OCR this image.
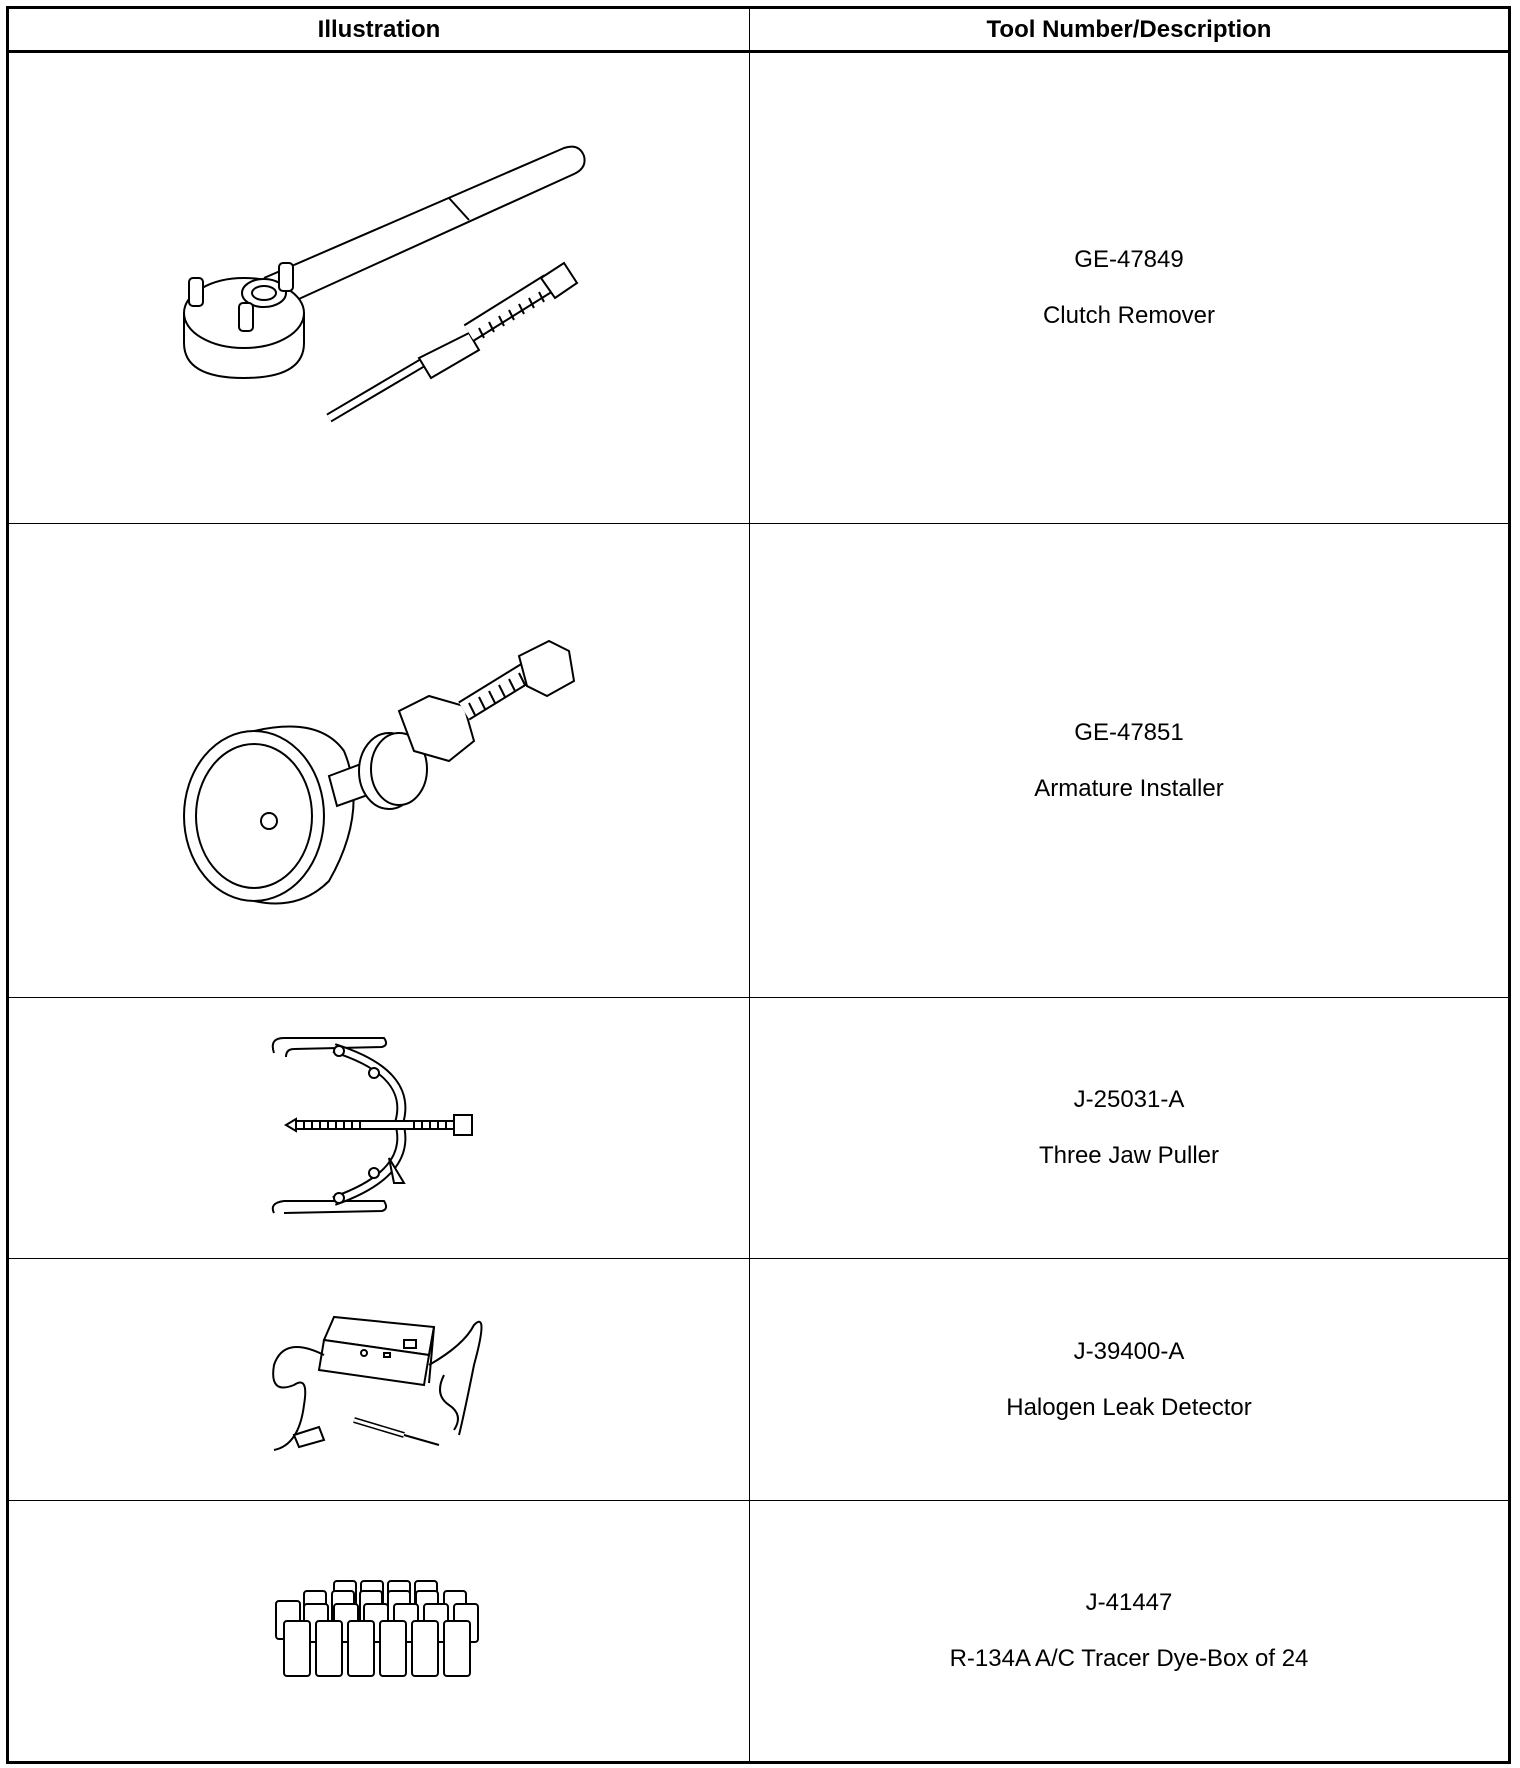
Illustration	Tool Number/Description

GE-47849
Clutch Remover

GE-47851
Armature Installer

J-25031-A
Three Jaw Puller

J-39400-A
Halogen Leak Detector

J-41447
R-134A A/C Tracer Dye-Box of 24
